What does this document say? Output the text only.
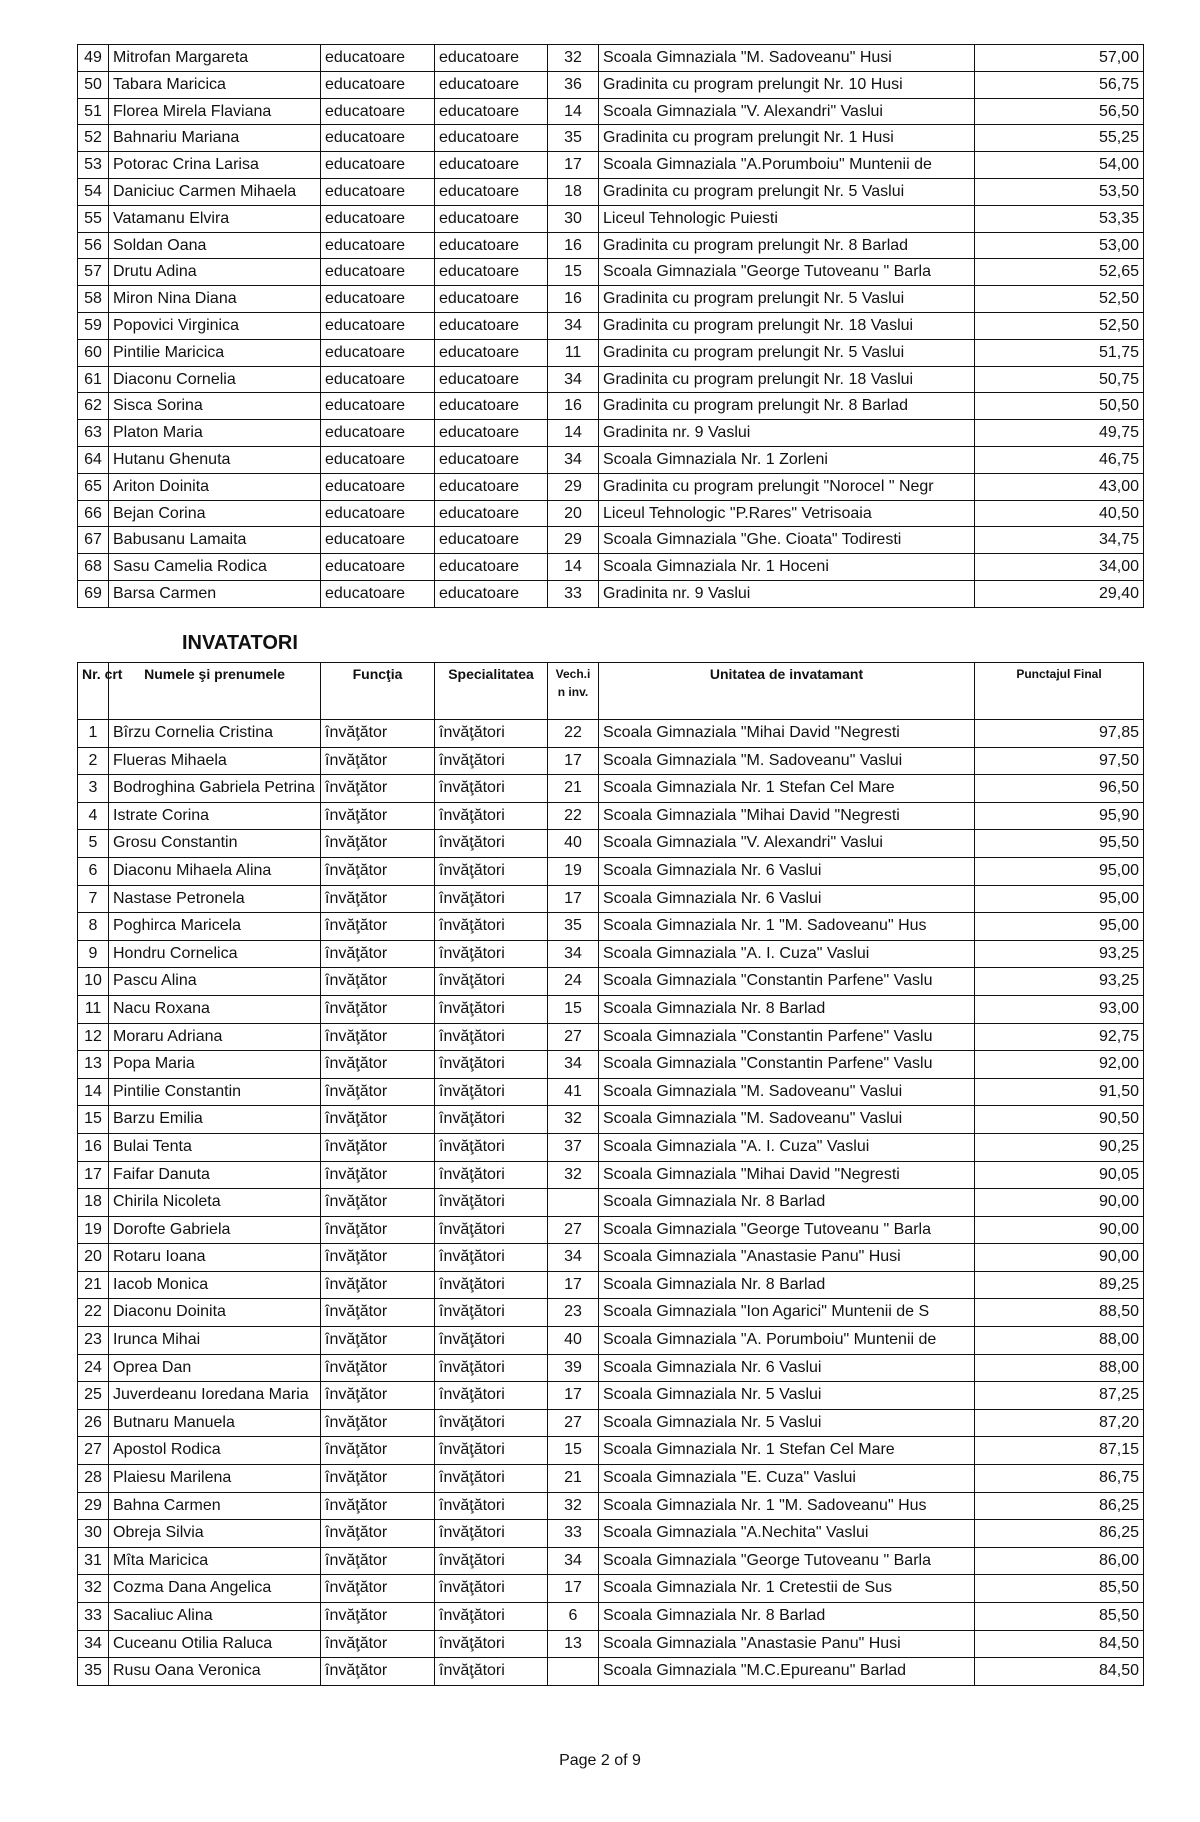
49	Mitrofan Margareta	educatoare	educatoare	32	Scoala Gimnaziala "M. Sadoveanu" Husi	57,00
50	Tabara Maricica	educatoare	educatoare	36	Gradinita cu program prelungit Nr. 10 Husi	56,75
51	Florea Mirela Flaviana	educatoare	educatoare	14	Scoala Gimnaziala "V. Alexandri" Vaslui	56,50
52	Bahnariu Mariana	educatoare	educatoare	35	Gradinita cu program prelungit Nr. 1 Husi	55,25
53	Potorac Crina Larisa	educatoare	educatoare	17	Scoala Gimnaziala "A.Porumboiu" Muntenii de	54,00
54	Daniciuc Carmen Mihaela	educatoare	educatoare	18	Gradinita cu program prelungit Nr. 5 Vaslui	53,50
55	Vatamanu Elvira	educatoare	educatoare	30	Liceul Tehnologic Puiesti	53,35
56	Soldan Oana	educatoare	educatoare	16	Gradinita cu program prelungit Nr. 8 Barlad	53,00
57	Drutu Adina	educatoare	educatoare	15	Scoala Gimnaziala "George Tutoveanu " Barla	52,65
58	Miron Nina Diana	educatoare	educatoare	16	Gradinita cu program prelungit Nr. 5 Vaslui	52,50
59	Popovici Virginica	educatoare	educatoare	34	Gradinita cu program prelungit Nr. 18 Vaslui	52,50
60	Pintilie Maricica	educatoare	educatoare	11	Gradinita cu program prelungit Nr. 5 Vaslui	51,75
61	Diaconu Cornelia	educatoare	educatoare	34	Gradinita cu program prelungit Nr. 18 Vaslui	50,75
62	Sisca Sorina	educatoare	educatoare	16	Gradinita cu program prelungit Nr. 8 Barlad	50,50
63	Platon Maria	educatoare	educatoare	14	Gradinita nr. 9 Vaslui	49,75
64	Hutanu Ghenuta	educatoare	educatoare	34	Scoala Gimnaziala Nr. 1 Zorleni	46,75
65	Ariton Doinita	educatoare	educatoare	29	Gradinita cu program prelungit "Norocel " Negr	43,00
66	Bejan Corina	educatoare	educatoare	20	Liceul Tehnologic "P.Rares" Vetrisoaia	40,50
67	Babusanu Lamaita	educatoare	educatoare	29	Scoala Gimnaziala "Ghe. Cioata" Todiresti	34,75
68	Sasu Camelia Rodica	educatoare	educatoare	14	Scoala Gimnaziala Nr. 1 Hoceni	34,00
69	Barsa Carmen	educatoare	educatoare	33	Gradinita nr. 9 Vaslui	29,40
INVATATORI
Nr. crt	Numele şi prenumele	Funcţia	Specialitatea	Vech.i n inv.	Unitatea de invatamant	Punctajul Final
1	Bîrzu Cornelia Cristina	învăţător	învăţători	22	Scoala Gimnaziala "Mihai David "Negresti	97,85
2	Flueras Mihaela	învăţător	învăţători	17	Scoala Gimnaziala "M. Sadoveanu" Vaslui	97,50
3	Bodroghina Gabriela Petrina	învăţător	învăţători	21	Scoala Gimnaziala Nr. 1 Stefan Cel Mare	96,50
4	Istrate Corina	învăţător	învăţători	22	Scoala Gimnaziala "Mihai David "Negresti	95,90
5	Grosu Constantin	învăţător	învăţători	40	Scoala Gimnaziala "V. Alexandri" Vaslui	95,50
6	Diaconu Mihaela Alina	învăţător	învăţători	19	Scoala Gimnaziala Nr. 6 Vaslui	95,00
7	Nastase Petronela	învăţător	învăţători	17	Scoala Gimnaziala Nr. 6 Vaslui	95,00
8	Poghirca Maricela	învăţător	învăţători	35	Scoala Gimnaziala Nr. 1 "M. Sadoveanu" Hus	95,00
9	Hondru Cornelica	învăţător	învăţători	34	Scoala Gimnaziala "A. I. Cuza" Vaslui	93,25
10	Pascu Alina	învăţător	învăţători	24	Scoala Gimnaziala "Constantin Parfene" Vaslu	93,25
11	Nacu Roxana	învăţător	învăţători	15	Scoala Gimnaziala Nr. 8 Barlad	93,00
12	Moraru Adriana	învăţător	învăţători	27	Scoala Gimnaziala "Constantin Parfene" Vaslu	92,75
13	Popa Maria	învăţător	învăţători	34	Scoala Gimnaziala "Constantin Parfene" Vaslu	92,00
14	Pintilie Constantin	învăţător	învăţători	41	Scoala Gimnaziala "M. Sadoveanu" Vaslui	91,50
15	Barzu Emilia	învăţător	învăţători	32	Scoala Gimnaziala "M. Sadoveanu" Vaslui	90,50
16	Bulai Tenta	învăţător	învăţători	37	Scoala Gimnaziala "A. I. Cuza" Vaslui	90,25
17	Faifar Danuta	învăţător	învăţători	32	Scoala Gimnaziala "Mihai David "Negresti	90,05
18	Chirila Nicoleta	învăţător	învăţători		Scoala Gimnaziala Nr. 8 Barlad	90,00
19	Dorofte Gabriela	învăţător	învăţători	27	Scoala Gimnaziala "George Tutoveanu " Barla	90,00
20	Rotaru Ioana	învăţător	învăţători	34	Scoala Gimnaziala "Anastasie Panu" Husi	90,00
21	Iacob Monica	învăţător	învăţători	17	Scoala Gimnaziala Nr. 8 Barlad	89,25
22	Diaconu Doinita	învăţător	învăţători	23	Scoala Gimnaziala "Ion Agarici" Muntenii de S	88,50
23	Irunca Mihai	învăţător	învăţători	40	Scoala Gimnaziala "A. Porumboiu" Muntenii de	88,00
24	Oprea Dan	învăţător	învăţători	39	Scoala Gimnaziala Nr. 6 Vaslui	88,00
25	Juverdeanu Ioredana Maria	învăţător	învăţători	17	Scoala Gimnaziala Nr. 5 Vaslui	87,25
26	Butnaru Manuela	învăţător	învăţători	27	Scoala Gimnaziala Nr. 5 Vaslui	87,20
27	Apostol Rodica	învăţător	învăţători	15	Scoala Gimnaziala Nr. 1 Stefan Cel Mare	87,15
28	Plaiesu Marilena	învăţător	învăţători	21	Scoala Gimnaziala "E. Cuza" Vaslui	86,75
29	Bahna Carmen	învăţător	învăţători	32	Scoala Gimnaziala Nr. 1 "M. Sadoveanu" Hus	86,25
30	Obreja Silvia	învăţător	învăţători	33	Scoala Gimnaziala "A.Nechita" Vaslui	86,25
31	Mîta Maricica	învăţător	învăţători	34	Scoala Gimnaziala "George Tutoveanu " Barla	86,00
32	Cozma Dana Angelica	învăţător	învăţători	17	Scoala Gimnaziala Nr. 1 Cretestii de Sus	85,50
33	Sacaliuc Alina	învăţător	învăţători	6	Scoala Gimnaziala Nr. 8 Barlad	85,50
34	Cuceanu Otilia Raluca	învăţător	învăţători	13	Scoala Gimnaziala "Anastasie Panu" Husi	84,50
35	Rusu Oana Veronica	învăţător	învăţători		Scoala Gimnaziala "M.C.Epureanu" Barlad	84,50
Page 2 of 9
